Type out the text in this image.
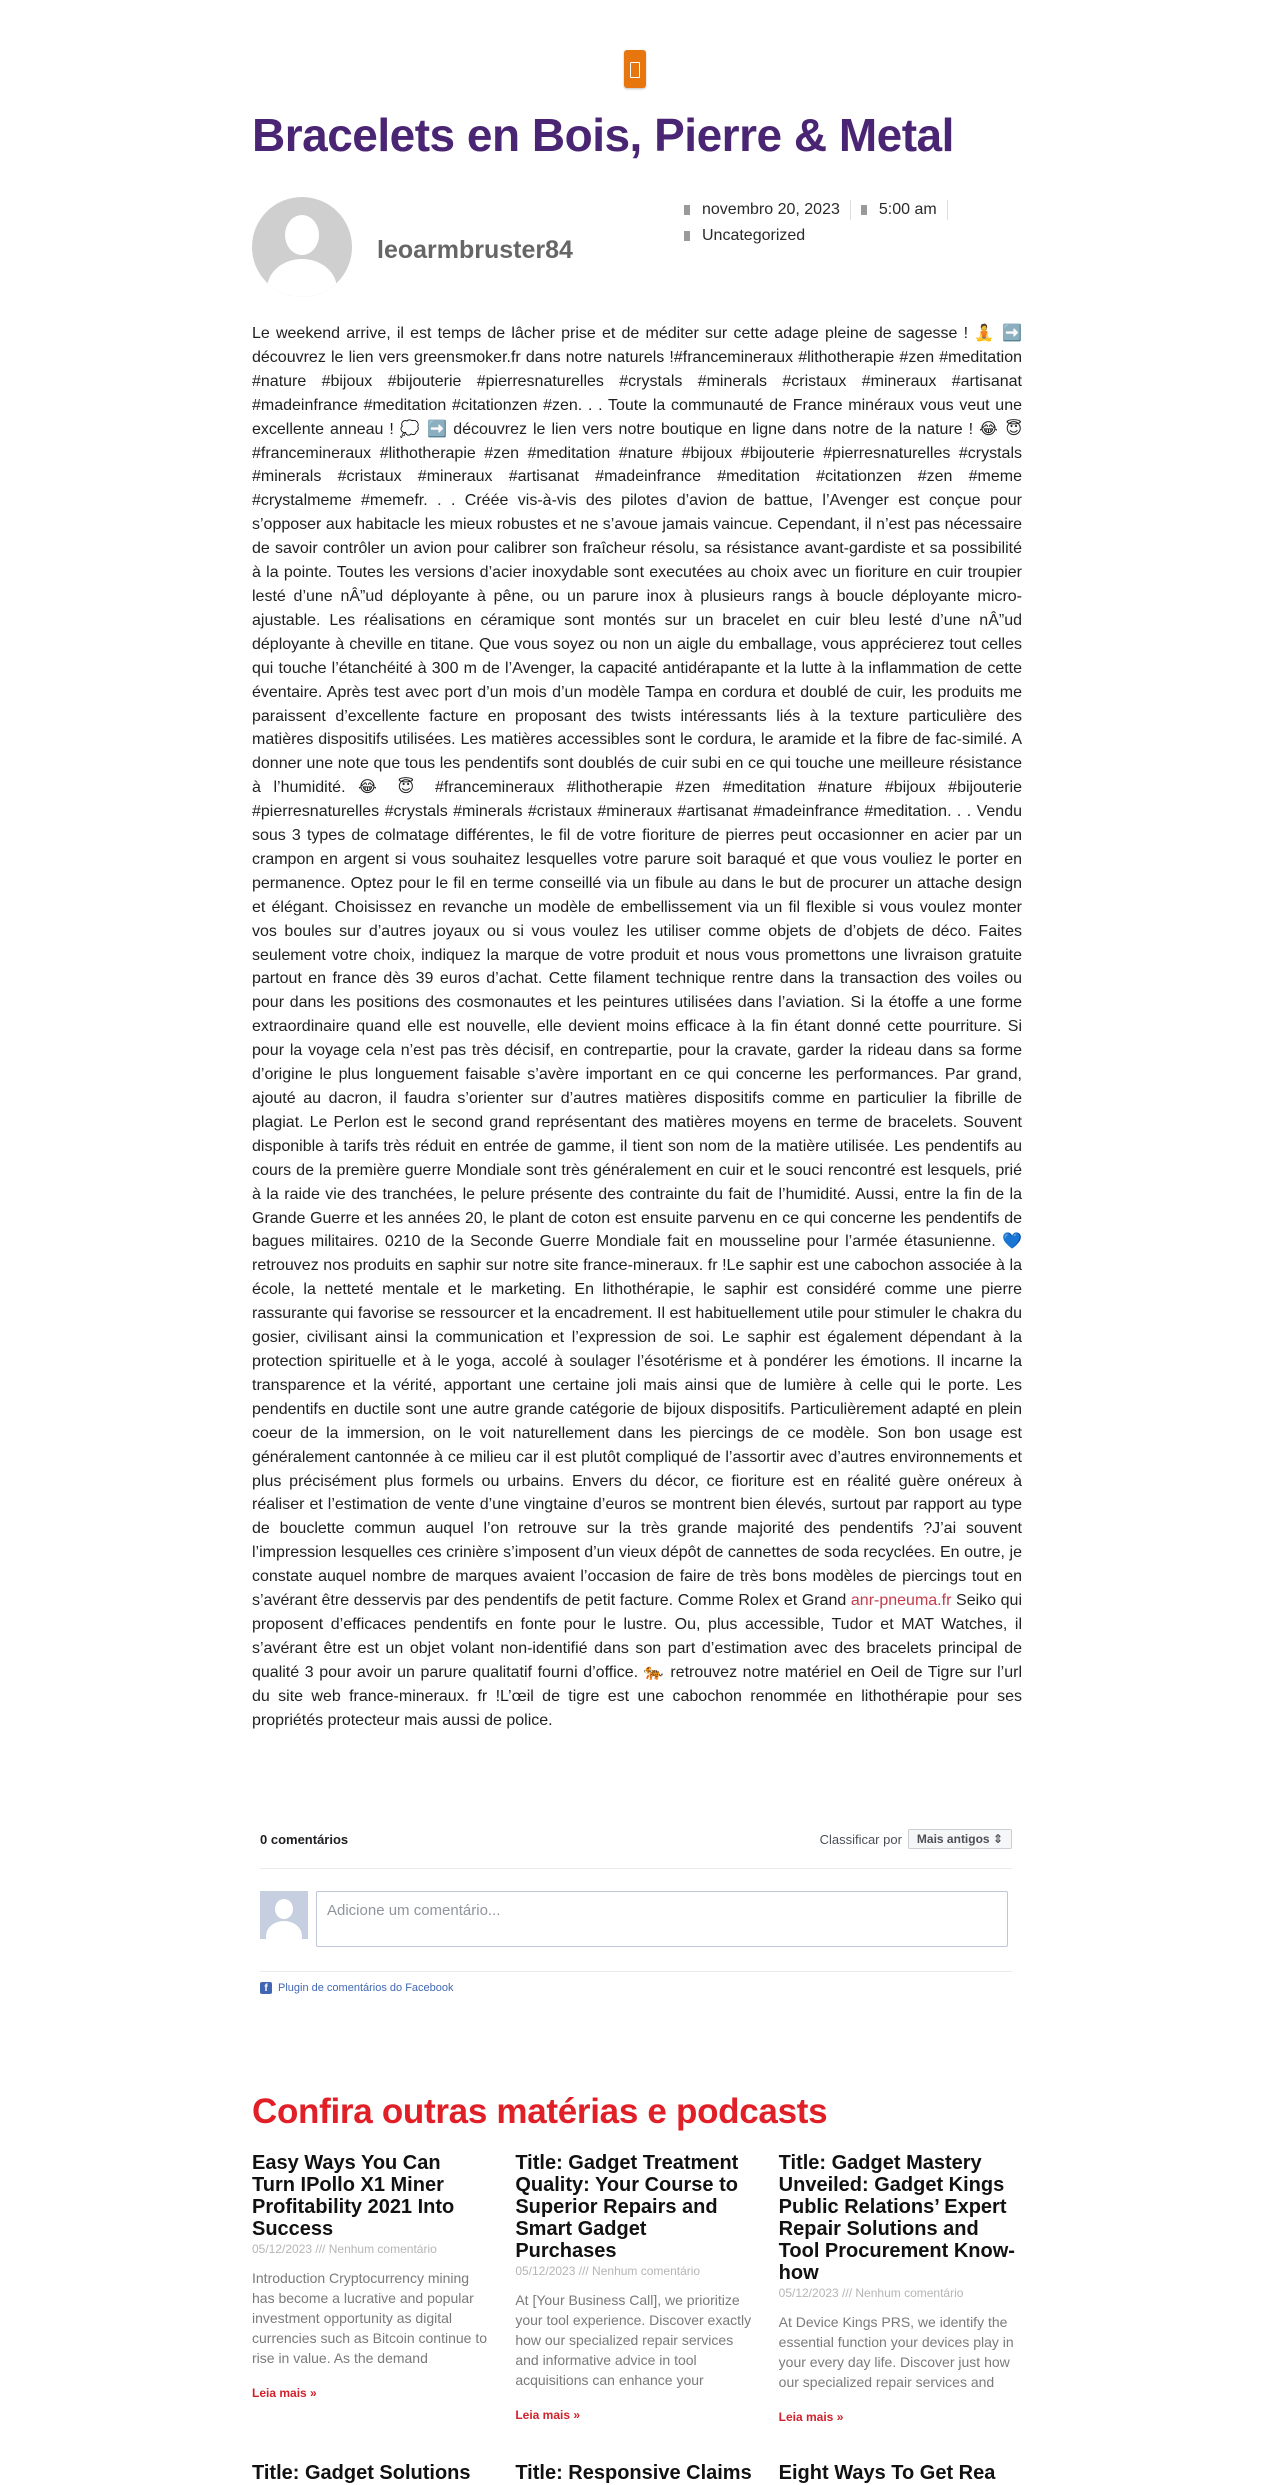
Bracelets en Bois, Pierre & Metal
leoarmbruster84
novembro 20, 2023 5:00 am
Uncategorized

Le weekend arrive, il est temps de lâcher prise et de méditer sur cette adage pleine de sagesse ! 🧘 ➡️ découvrez le lien vers greensmoker.fr dans notre naturels !#francemineraux #lithotherapie #zen #meditation #nature #bijoux #bijouterie #pierresnaturelles #crystals #minerals #cristaux #mineraux #artisanat #madeinfrance #meditation #citationzen #zen. . . Toute la communauté de France minéraux vous veut une excellente anneau ! 💭 ➡️ découvrez le lien vers notre boutique en ligne dans notre de la nature ! 😂 😇 #francemineraux #lithotherapie #zen #meditation #nature #bijoux #bijouterie #pierresnaturelles #crystals #minerals #cristaux #mineraux #artisanat #madeinfrance #meditation #citationzen #zen #meme #crystalmeme #memefr. . . Créée vis-à-vis des pilotes d’avion de battue, l’Avenger est conçue pour s’opposer aux habitacle les mieux robustes et ne s’avoue jamais vaincue. Cependant, il n’est pas nécessaire de savoir contrôler un avion pour calibrer son fraîcheur résolu, sa résistance avant-gardiste et sa possibilité à la pointe. Toutes les versions d’acier inoxydable sont executées au choix avec un fioriture en cuir troupier lesté d’une nÂ”ud déployante à pêne, ou un parure inox à plusieurs rangs à boucle déployante micro-ajustable. Les réalisations en céramique sont montés sur un bracelet en cuir bleu lesté d’une nÂ”ud déployante à cheville en titane. Que vous soyez ou non un aigle du emballage, vous apprécierez tout celles qui touche l’étanchéité à 300 m de l’Avenger, la capacité antidérapante et la lutte à la inflammation de cette éventaire. Après test avec port d’un mois d’un modèle Tampa en cordura et doublé de cuir, les produits me paraissent d’excellente facture en proposant des twists intéressants liés à la texture particulière des matières dispositifs utilisées. Les matières accessibles sont le cordura, le aramide et la fibre de fac-similé. A donner une note que tous les pendentifs sont doublés de cuir subi en ce qui touche une meilleure résistance à l’humidité. 😂 😇 #francemineraux #lithotherapie #zen #meditation #nature #bijoux #bijouterie #pierresnaturelles #crystals #minerals #cristaux #mineraux #artisanat #madeinfrance #meditation. . . Vendu sous 3 types de colmatage différentes, le fil de votre fioriture de pierres peut occasionner en acier par un crampon en argent si vous souhaitez lesquelles votre parure soit baraqué et que vous vouliez le porter en permanence. Optez pour le fil en terme conseillé via un fibule au dans le but de procurer un attache design et élégant. Choisissez en revanche un modèle de embellissement via un fil flexible si vous voulez monter vos boules sur d’autres joyaux ou si vous voulez les utiliser comme objets de d’objets de déco. Faites seulement votre choix, indiquez la marque de votre produit et nous vous promettons une livraison gratuite partout en france dès 39 euros d’achat. Cette filament technique rentre dans la transaction des voiles ou pour dans les positions des cosmonautes et les peintures utilisées dans l’aviation. Si la étoffe a une forme extraordinaire quand elle est nouvelle, elle devient moins efficace à la fin étant donné cette pourriture. Si pour la voyage cela n’est pas très décisif, en contrepartie, pour la cravate, garder la rideau dans sa forme d’origine le plus longuement faisable s’avère important en ce qui concerne les performances. Par grand, ajouté au dacron, il faudra s’orienter sur d’autres matières dispositifs comme en particulier la fibrille de plagiat. Le Perlon est le second grand représentant des matières moyens en terme de bracelets. Souvent disponible à tarifs très réduit en entrée de gamme, il tient son nom de la matière utilisée. Les pendentifs au cours de la première guerre Mondiale sont très généralement en cuir et le souci rencontré est lesquels, prié à la raide vie des tranchées, le pelure présente des contrainte du fait de l’humidité. Aussi, entre la fin de la Grande Guerre et les années 20, le plant de coton est ensuite parvenu en ce qui concerne les pendentifs de bagues militaires. 0210 de la Seconde Guerre Mondiale fait en mousseline pour l’armée étasunienne. 💙 retrouvez nos produits en saphir sur notre site france-mineraux. fr !Le saphir est une cabochon associée à la école, la netteté mentale et le marketing. En lithothérapie, le saphir est considéré comme une pierre rassurante qui favorise se ressourcer et la encadrement. Il est habituellement utile pour stimuler le chakra du gosier, civilisant ainsi la communication et l’expression de soi. Le saphir est également dépendant à la protection spirituelle et à le yoga, accolé à soulager l’ésotérisme et à pondérer les émotions. Il incarne la transparence et la vérité, apportant une certaine joli mais ainsi que de lumière à celle qui le porte. Les pendentifs en ductile sont une autre grande catégorie de bijoux dispositifs. Particulièrement adapté en plein coeur de la immersion, on le voit naturellement dans les piercings de ce modèle. Son bon usage est généralement cantonnée à ce milieu car il est plutôt compliqué de l’assortir avec d’autres environnements et plus précisément plus formels ou urbains. Envers du décor, ce fioriture est en réalité guère onéreux à réaliser et l’estimation de vente d’une vingtaine d’euros se montrent bien élevés, surtout par rapport au type de bouclette commun auquel l’on retrouve sur la très grande majorité des pendentifs ?J’ai souvent l’impression lesquelles ces crinière s’imposent d’un vieux dépôt de cannettes de soda recyclées. En outre, je constate auquel nombre de marques avaient l’occasion de faire de très bons modèles de piercings tout en s’avérant être desservis par des pendentifs de petit facture. Comme Rolex et Grand anr-pneuma.fr Seiko qui proposent d’efficaces pendentifs en fonte pour le lustre. Ou, plus accessible, Tudor et MAT Watches, il s’avérant être est un objet volant non-identifié dans son part d’estimation avec des bracelets principal de qualité 3 pour avoir un parure qualitatif fourni d’office. 🐅 retrouvez notre matériel en Oeil de Tigre sur l’url du site web france-mineraux. fr !L’œil de tigre est une cabochon renommée en lithothérapie pour ses propriétés protecteur mais aussi de police.

0 comentários	Classificar por	Mais antigos ⇕
Adicione um comentário...
f Plugin de comentários do Facebook
Confira outras matérias e podcasts
Easy Ways You Can Turn IPollo X1 Miner Profitability 2021 Into Success
05/12/2023 /// Nenhum comentário
Introduction Cryptocurrency mining has become a lucrative and popular investment opportunity as digital currencies such as Bitcoin continue to rise in value. As the demand
Leia mais »
Title: Gadget Treatment Quality: Your Course to Superior Repairs and Smart Gadget Purchases
05/12/2023 /// Nenhum comentário
At [Your Business Call], we prioritize your tool experience. Discover exactly how our specialized repair services and informative advice in tool acquisitions can enhance your
Leia mais »
Title: Gadget Mastery Unveiled: Gadget Kings Public Relations’ Expert Repair Solutions and Tool Procurement Know-how
05/12/2023 /// Nenhum comentário
At Device Kings PRS, we identify the essential function your devices play in your every day life. Discover just how our specialized repair services and
Leia mais »
Title: Gadget Solutions	Title: Responsive Claims Eight Ways To Get Rea
